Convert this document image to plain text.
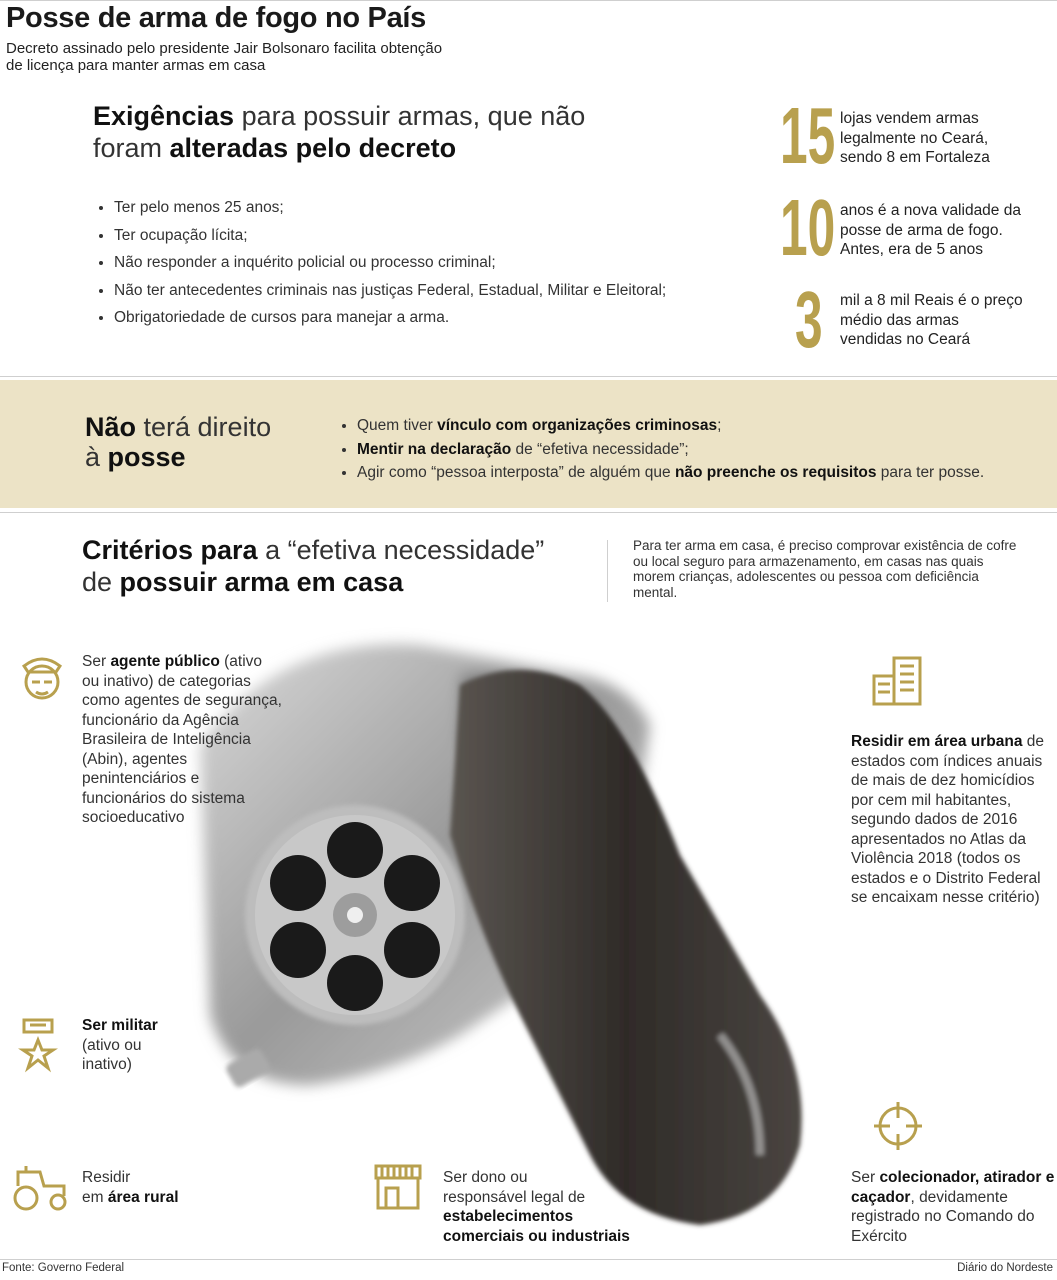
Posse de arma de fogo no País
Decreto assinado pelo presidente Jair Bolsonaro facilita obtenção
de licença para manter armas em casa
Exigências para possuir armas, que não
foram alteradas pelo decreto
• Ter pelo menos 25 anos;
• Ter ocupação lícita;
• Não responder a inquérito policial ou processo criminal;
• Não ter antecedentes criminais nas justiças Federal, Estadual, Militar e Eleitoral;
• Obrigatoriedade de cursos para manejar a arma.
15 lojas vendem armas
legalmente no Ceará,
sendo 8 em Fortaleza
10 anos é a nova validade da
posse de arma de fogo.
Antes, era de 5 anos
3 mil a 8 mil Reais é o preço
médio das armas
vendidas no Ceará
Não terá direito
à posse
• Quem tiver vínculo com organizações criminosas;
• Mentir na declaração de “efetiva necessidade”;
• Agir como “pessoa interposta” de alguém que não preenche os requisitos para ter posse.
Critérios para a “efetiva necessidade”
de possuir arma em casa
Para ter arma em casa, é preciso comprovar existência de cofre ou local seguro para armazenamento, em casas nas quais morem crianças, adolescentes ou pessoa com deficiência mental.
Ser agente público (ativo ou inativo) de categorias como agentes de segurança, funcionário da Agência Brasileira de Inteligência (Abin), agentes penintenciários e funcionários do sistema socioeducativo
Residir em área urbana de estados com índices anuais de mais de dez homicídios por cem mil habitantes, segundo dados de 2016 apresentados no Atlas da Violência 2018 (todos os estados e o Distrito Federal se encaixam nesse critério)
Ser militar
(ativo ou inativo)
Residir
em área rural
Ser dono ou
responsável legal de
estabelecimentos
comerciais ou industriais
Ser colecionador, atirador e caçador, devidamente registrado no Comando do Exército
Fonte: Governo Federal	Diário do Nordeste
